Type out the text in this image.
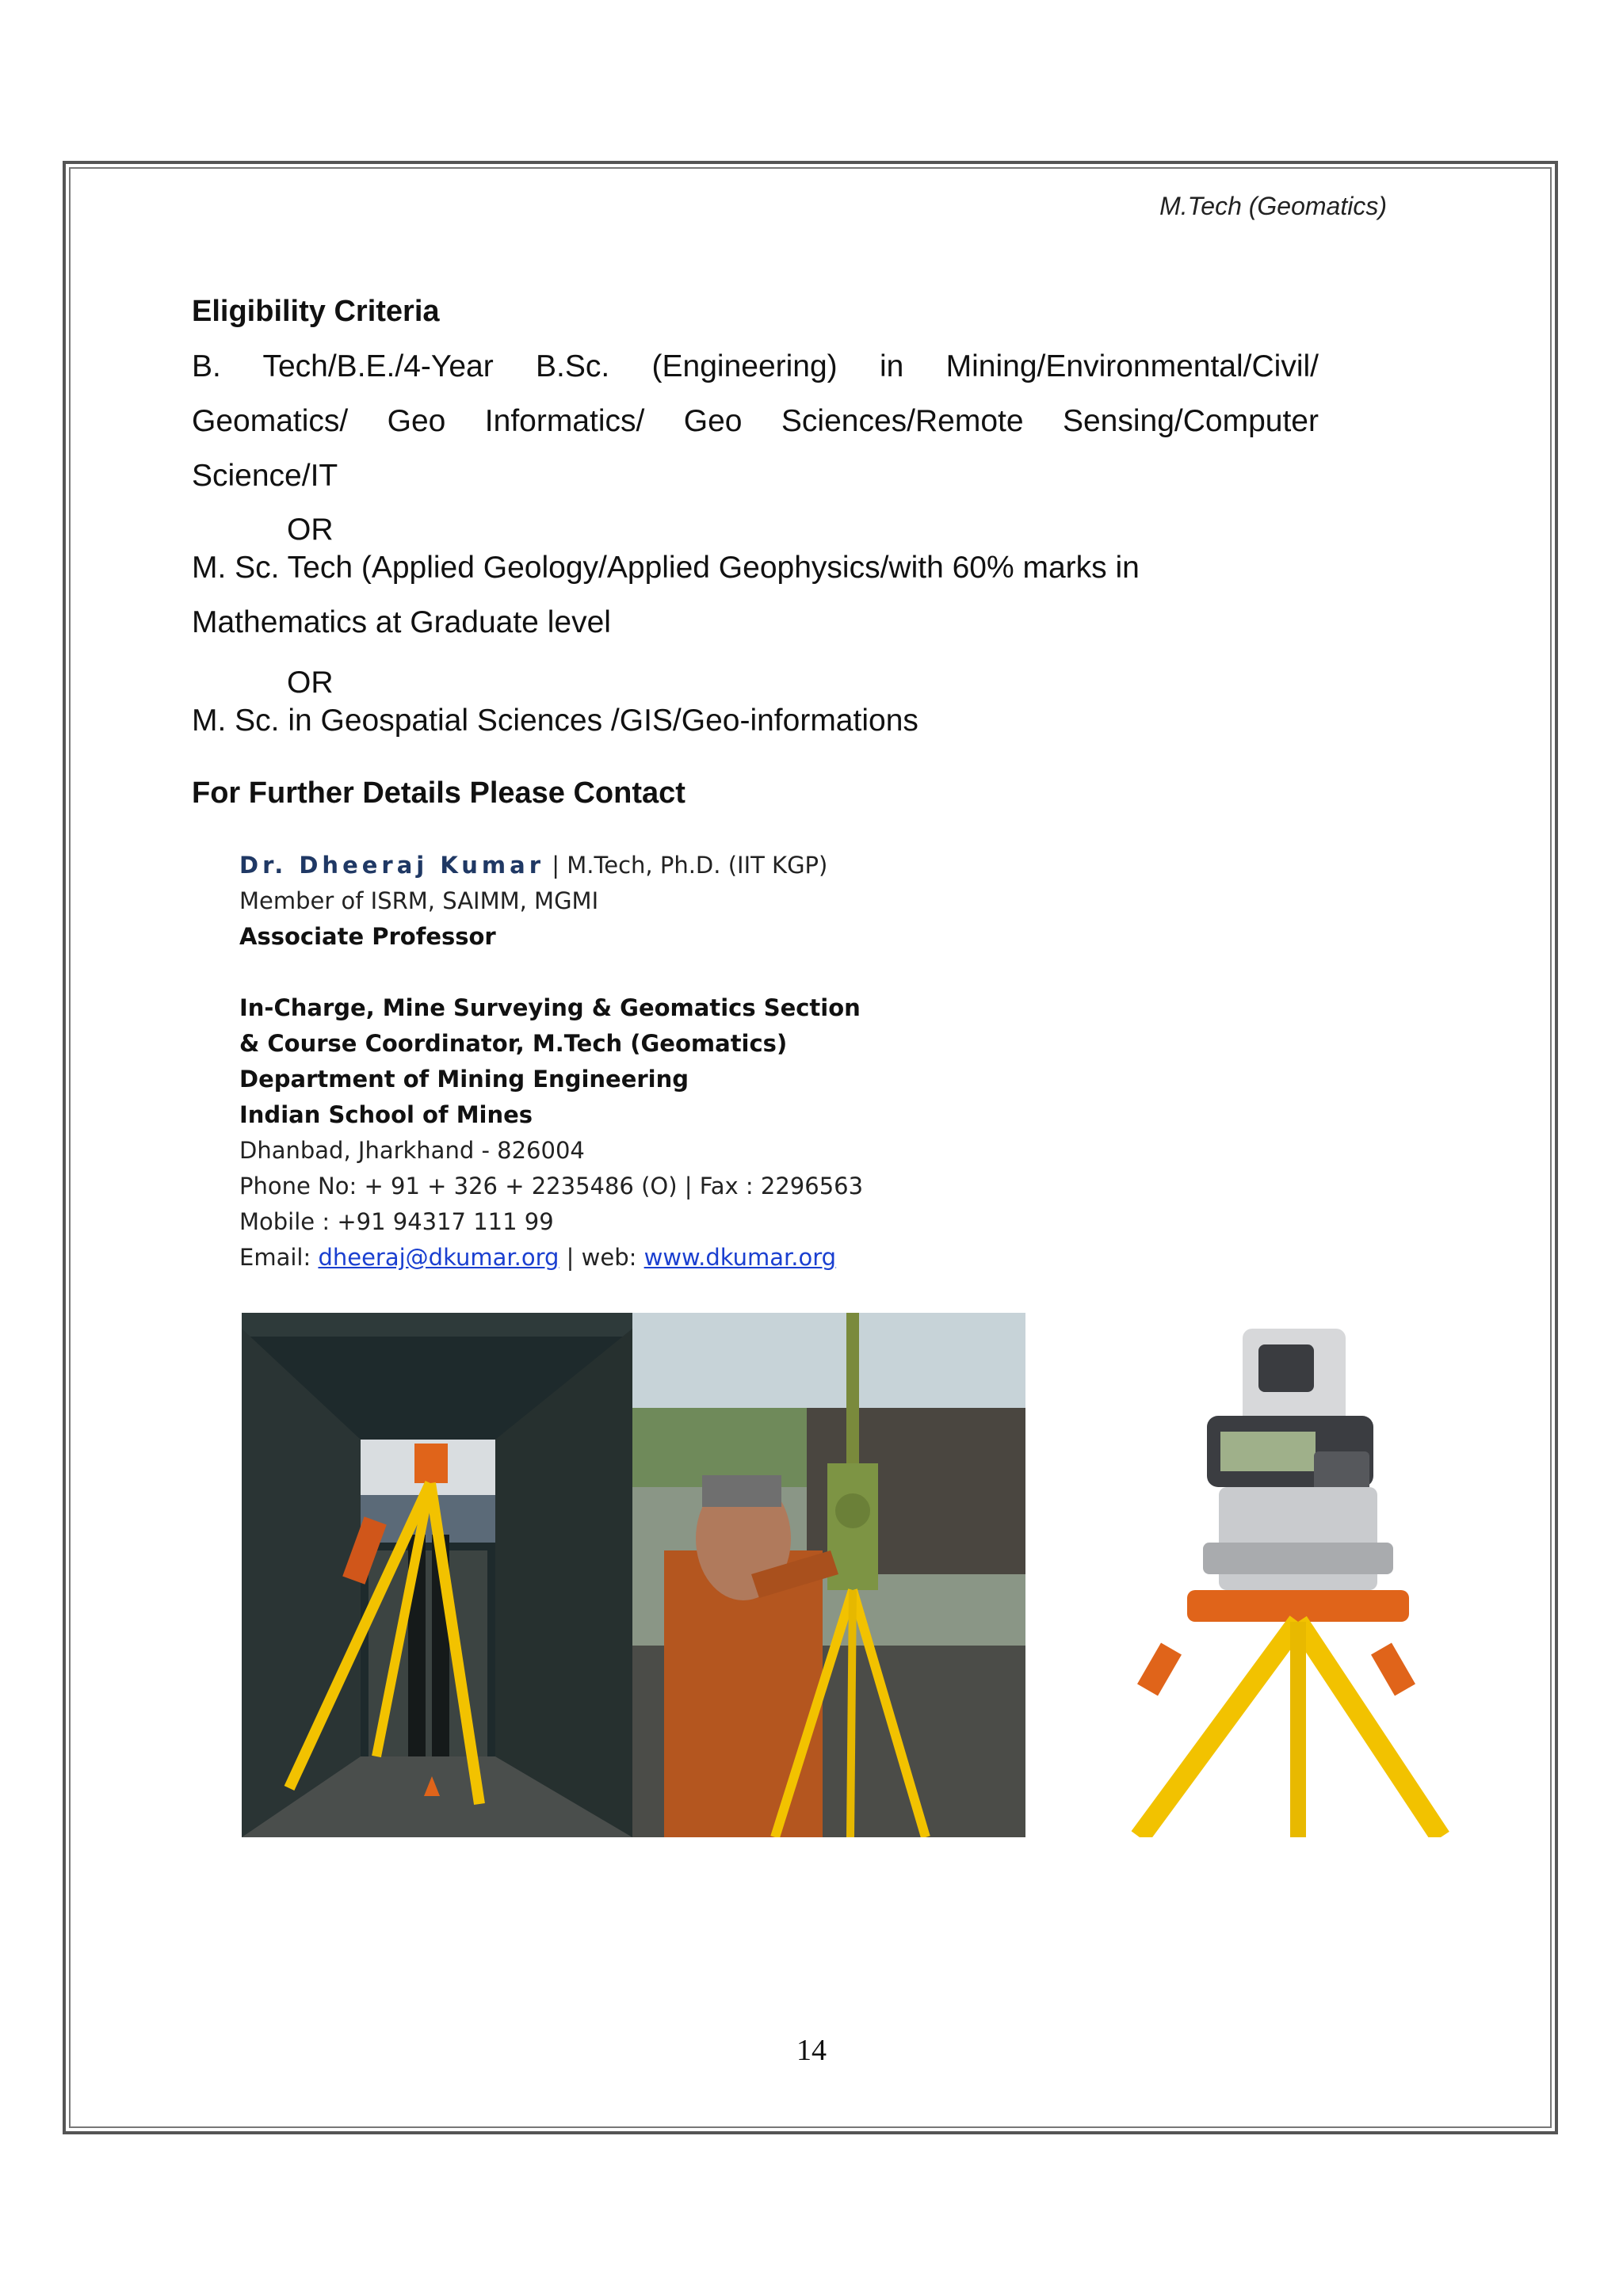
M.Tech (Geomatics)
Eligibility Criteria
B. Tech/B.E./4-Year B.Sc. (Engineering) in Mining/Environmental/Civil/
Geomatics/ Geo Informatics/ Geo Sciences/Remote Sensing/Computer
Science/IT
OR
M. Sc. Tech (Applied Geology/Applied Geophysics/with 60% marks in
Mathematics at Graduate level
OR
M. Sc. in Geospatial Sciences /GIS/Geo-informations
For Further Details Please Contact
Dr. Dheeraj Kumar | M.Tech, Ph.D. (IIT KGP)
Member of ISRM, SAIMM, MGMI
Associate Professor
In-Charge, Mine Surveying & Geomatics Section
& Course Coordinator, M.Tech (Geomatics)
Department of Mining Engineering
Indian School of Mines
Dhanbad, Jharkhand - 826004
Phone No: + 91 + 326 + 2235486 (O) | Fax : 2296563
Mobile : +91 94317 111 99
Email: dheeraj@dkumar.org | web: www.dkumar.org
14
